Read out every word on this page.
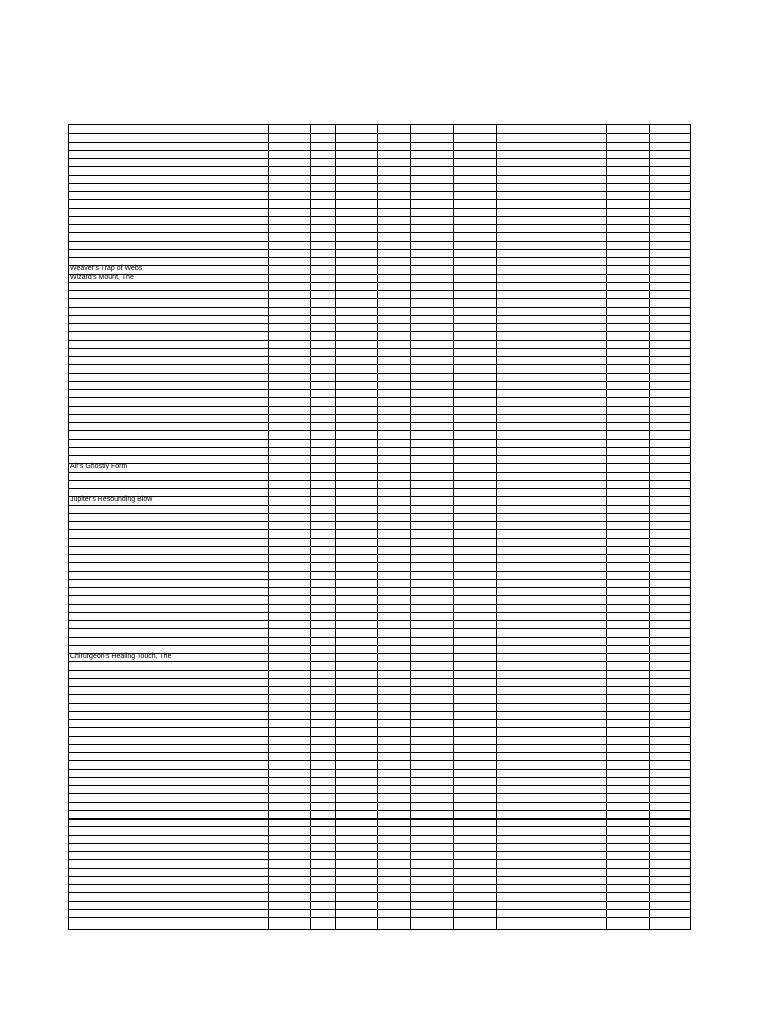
Weaver's Trap of Webs
Wizard's Mount, The
Air's Ghostly Form
Jupiter's Resounding Blow
Chirurgeon's Healing Touch, The
